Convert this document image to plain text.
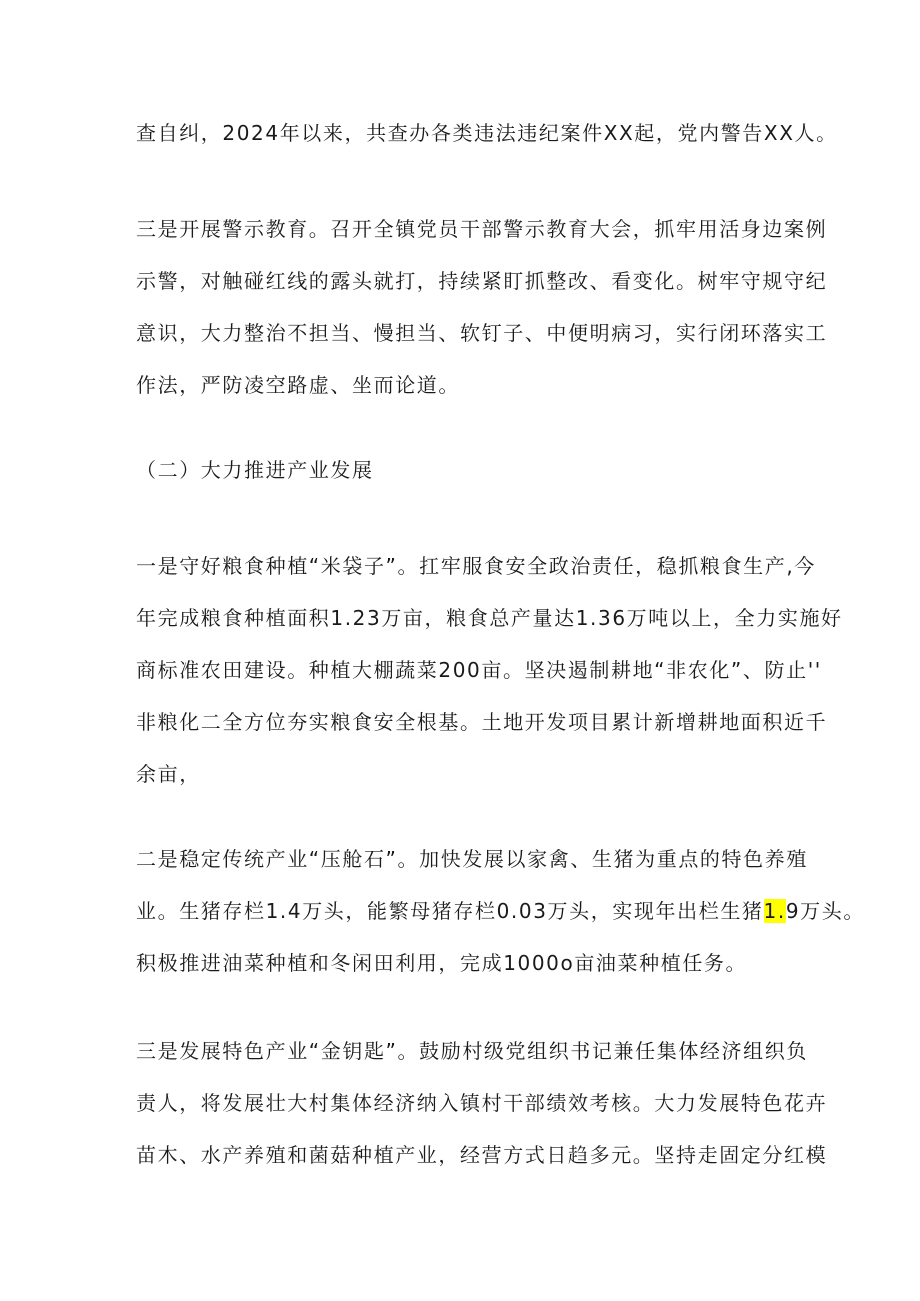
查自纠，2024年以来，共查办各类违法违纪案件XX起，党内警告XX人。

三是开展警示教育。召开全镇党员干部警示教育大会，抓牢用活身边案例
示警，对触碰红线的露头就打，持续紧盯抓整改、看变化。树牢守规守纪
意识，大力整治不担当、慢担当、软钉子、中便明病习，实行闭环落实工
作法，严防凌空路虚、坐而论道。

（二）大力推进产业发展

一是守好粮食种植“米袋子”。扛牢服食安全政治责任，稳抓粮食生产,今
年完成粮食种植面积1.23万亩，粮食总产量达1.36万吨以上，全力实施好
商标准农田建设。种植大棚蔬菜200亩。坚决遏制耕地“非农化”、防止''
非粮化二全方位夯实粮食安全根基。土地开发项目累计新增耕地面积近千
余亩，

二是稳定传统产业“压舱石”。加快发展以家禽、生猪为重点的特色养殖
业。生猪存栏1.4万头，能繁母猪存栏0.03万头，实现年出栏生猪1.9万头。
积极推进油菜种植和冬闲田利用，完成1000o亩油菜种植任务。

三是发展特色产业“金钥匙”。鼓励村级党组织书记兼任集体经济组织负
责人，将发展壮大村集体经济纳入镇村干部绩效考核。大力发展特色花卉
苗木、水产养殖和菌菇种植产业，经营方式日趋多元。坚持走固定分红模
